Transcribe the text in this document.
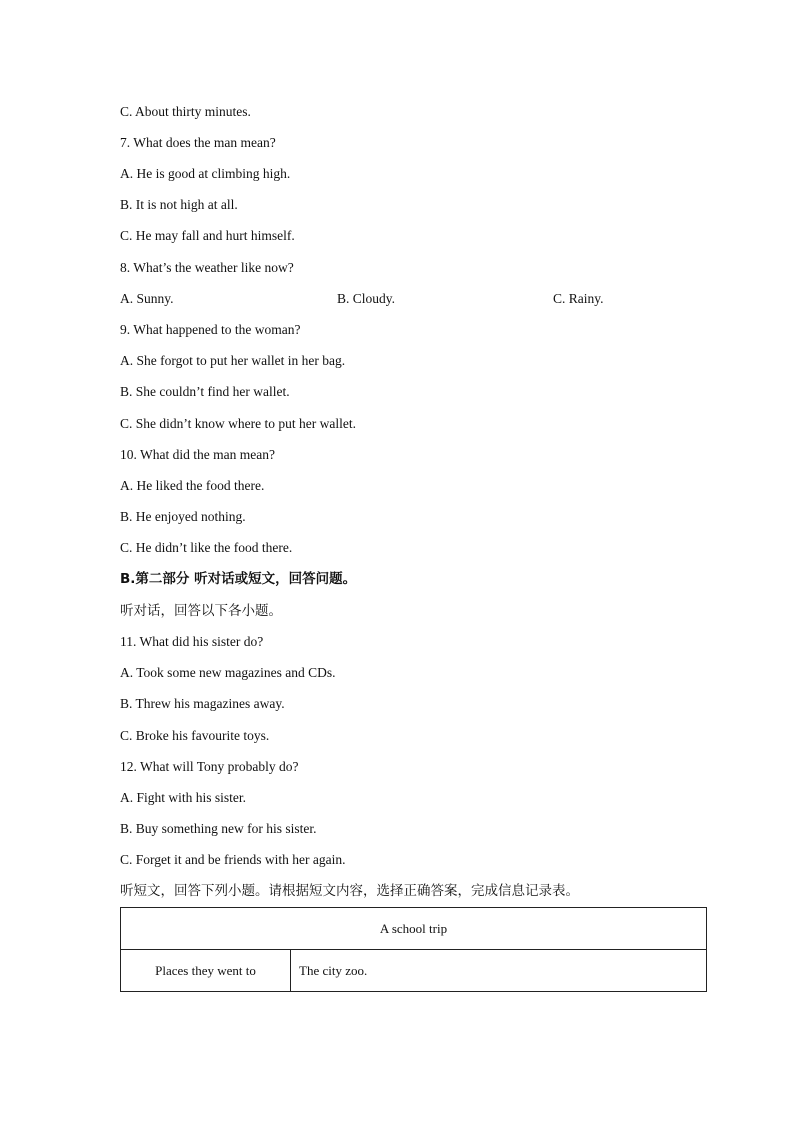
C. About thirty minutes.
7. What does the man mean?
A. He is good at climbing high.
B. It is not high at all.
C. He may fall and hurt himself.
8. What’s the weather like now?
A. Sunny.	B. Cloudy.	C. Rainy.
9. What happened to the woman?
A. She forgot to put her wallet in her bag.
B. She couldn’t find her wallet.
C. She didn’t know where to put her wallet.
10. What did the man mean?
A. He liked the food there.
B. He enjoyed nothing.
C. He didn’t like the food there.
B.第二部分 听对话或短文，回答问题。
听对话，回答以下各小题。
11. What did his sister do?
A. Took some new magazines and CDs.
B. Threw his magazines away.
C. Broke his favourite toys.
12. What will Tony probably do?
A. Fight with his sister.
B. Buy something new for his sister.
C. Forget it and be friends with her again.
听短文，回答下列小题。请根据短文内容，选择正确答案，完成信息记录表。
A school trip
Places they went to	The city zoo.
